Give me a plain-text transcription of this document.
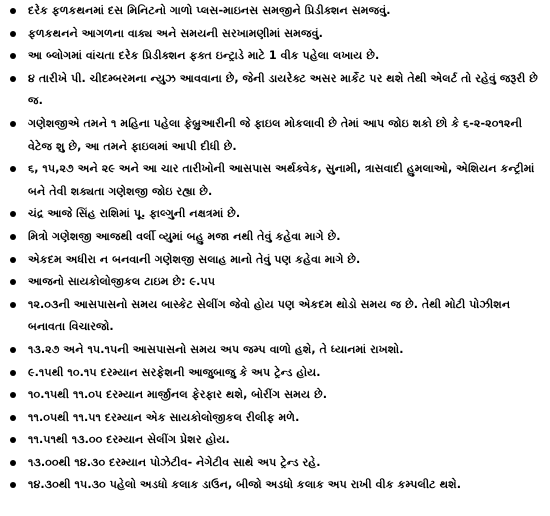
દરેક ફળકથનમાં દસ મિનિટનો ગાળો પ્લસ-માઇનસ સમજીને પ્રિડીક્શન સમજવું.
ફળકથનને આગળના વાક્ય અને સમયની સરખામણીમાં સમજવું.
આ બ્લોગમાં વાંચતા દરેક પ્રિડીક્શન ફક્ત ઇન્ટ્રાડે માટે 1 વીક પહેલા લખાય છે.
૪ તારીખે પી. ચીદમ્બરમના ન્યુઝ આવવાના છે, જેની ડાયરેક્ટ અસર માર્કેટ પર થશે તેથી એલર્ટ તો રહેવું જરૂરી છે જ.
ગણેશજીએ તમને ૧ મહિના પહેલા ફેબ્રુઆરીની જે ફાઇલ મોકલાવી છે તેમાં આપ જોઇ શકો છો કે ૬-૨-૨૦૧૨ની વેટેજ શુ છે, આ તમને ફાઇલમાં આપી દીધી છે.
૬, ૧૫,૨૭ અને ૨૯ અને આ ચાર તારીખોની આસપાસ અર્થક્વેક, સુનામી, ત્રાસવાદી હુમલાઓ, એશિયન કન્ટ્રીમાં બને તેવી શક્યતા ગણેશજી જોઇ રહ્યા છે.
ચંદ્ર આજે સિંહ રાશિમાં પૂ. ફાલ્ગુની નક્ષત્રમાં છે.
મિત્રો ગણેશજી આજથી વર્લી વ્યુમાં બહુ મજા નથી તેવું કહેવા માગે છે.
એકદમ અધીરા ન બનવાની ગણેશજી સલાહ માનો તેવું પણ કહેવા માગે છે.
આજનો સાયકોલોજીકલ ટાઇમ છે: ૯.૫૫
૧૨.૦૩ની આસપાસનો સમય બાસ્કેટ સેલીંગ જેવો હોય પણ એકદમ થોડો સમય જ છે. તેથી મોટી પોઝીશન બનાવતા વિચારજો.
૧૩.૨૭ અને ૧૫.૧૫ની આસપાસનો સમય અપ જમ્પ વાળો હશે, તે ધ્યાનમાં રાખશો.
૯.૧૫થી ૧૦.૧૫ દરમ્યાન સરફેશની આજુબાજુ કે અપ ટ્રેન્ડ હોય.
૧૦.૧૫થી ૧૧.૦૫ દરમ્યાન માર્જીનલ ફેરફાર થશે, બોરીંગ સમય છે.
૧૧.૦૫થી ૧૧.૫૧ દરમ્યાન એક સાયકોલોજીકલ રીલીફ મળે.
૧૧.૫૧થી ૧૩.૦૦ દરમ્યાન સેલીંગ પ્રેશર હોય.
૧૩.૦૦થી ૧૪.૩૦ દરમ્યાન પોઝેટીવ- નેગેટીવ સાથે અપ ટ્રેન્ડ રહે.
૧૪.૩૦થી ૧૫.૩૦ પહેલો અડધો કલાક ડાઉન, બીજો અડધો કલાક અપ રાખી વીક કમ્પલીટ થશે.
